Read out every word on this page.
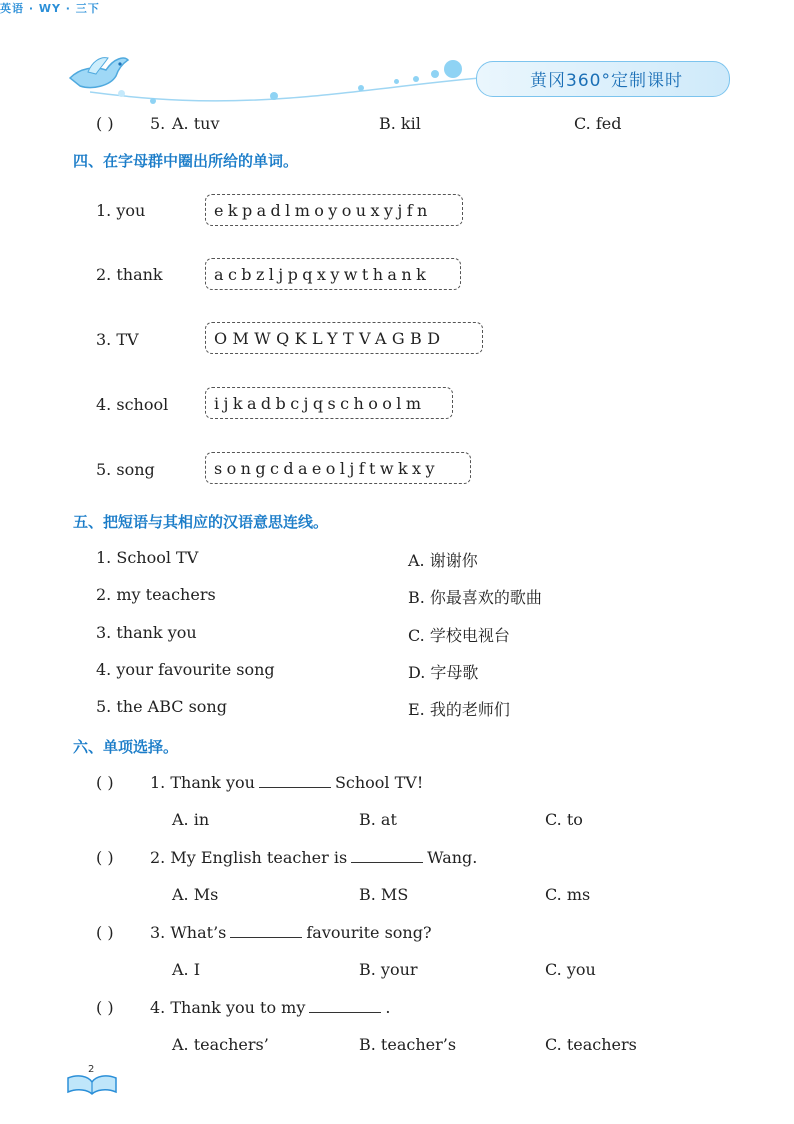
英语 · WY · 三下
黄冈360°定制课时
( ) 5. A. tuv	B. kil	C. fed
四、在字母群中圈出所给的单词。
1. you	ekpadlmoyouxyjfn
2. thank	acbzljpqxywthank
3. TV	OMWQKLYTVAGBD
4. school	ijkadbcjqschoolm
5. song	songcdaeoljftwkxy
五、把短语与其相应的汉语意思连线。
1. School TV
2. my teachers
3. thank you
4. your favourite song
5. the ABC song
A. 谢谢你
B. 你最喜欢的歌曲
C. 学校电视台
D. 字母歌
E. 我的老师们
六、单项选择。
( ) 1. Thank you	School TV!
A. in	B. at	C. to
( ) 2. My English teacher is	Wang.
A. Ms	B. MS	C. ms
( ) 3. What’s	favourite song?
A. I	B. your	C. you
( ) 4. Thank you to my	.
A. teachers’	B. teacher’s	C. teachers
2
